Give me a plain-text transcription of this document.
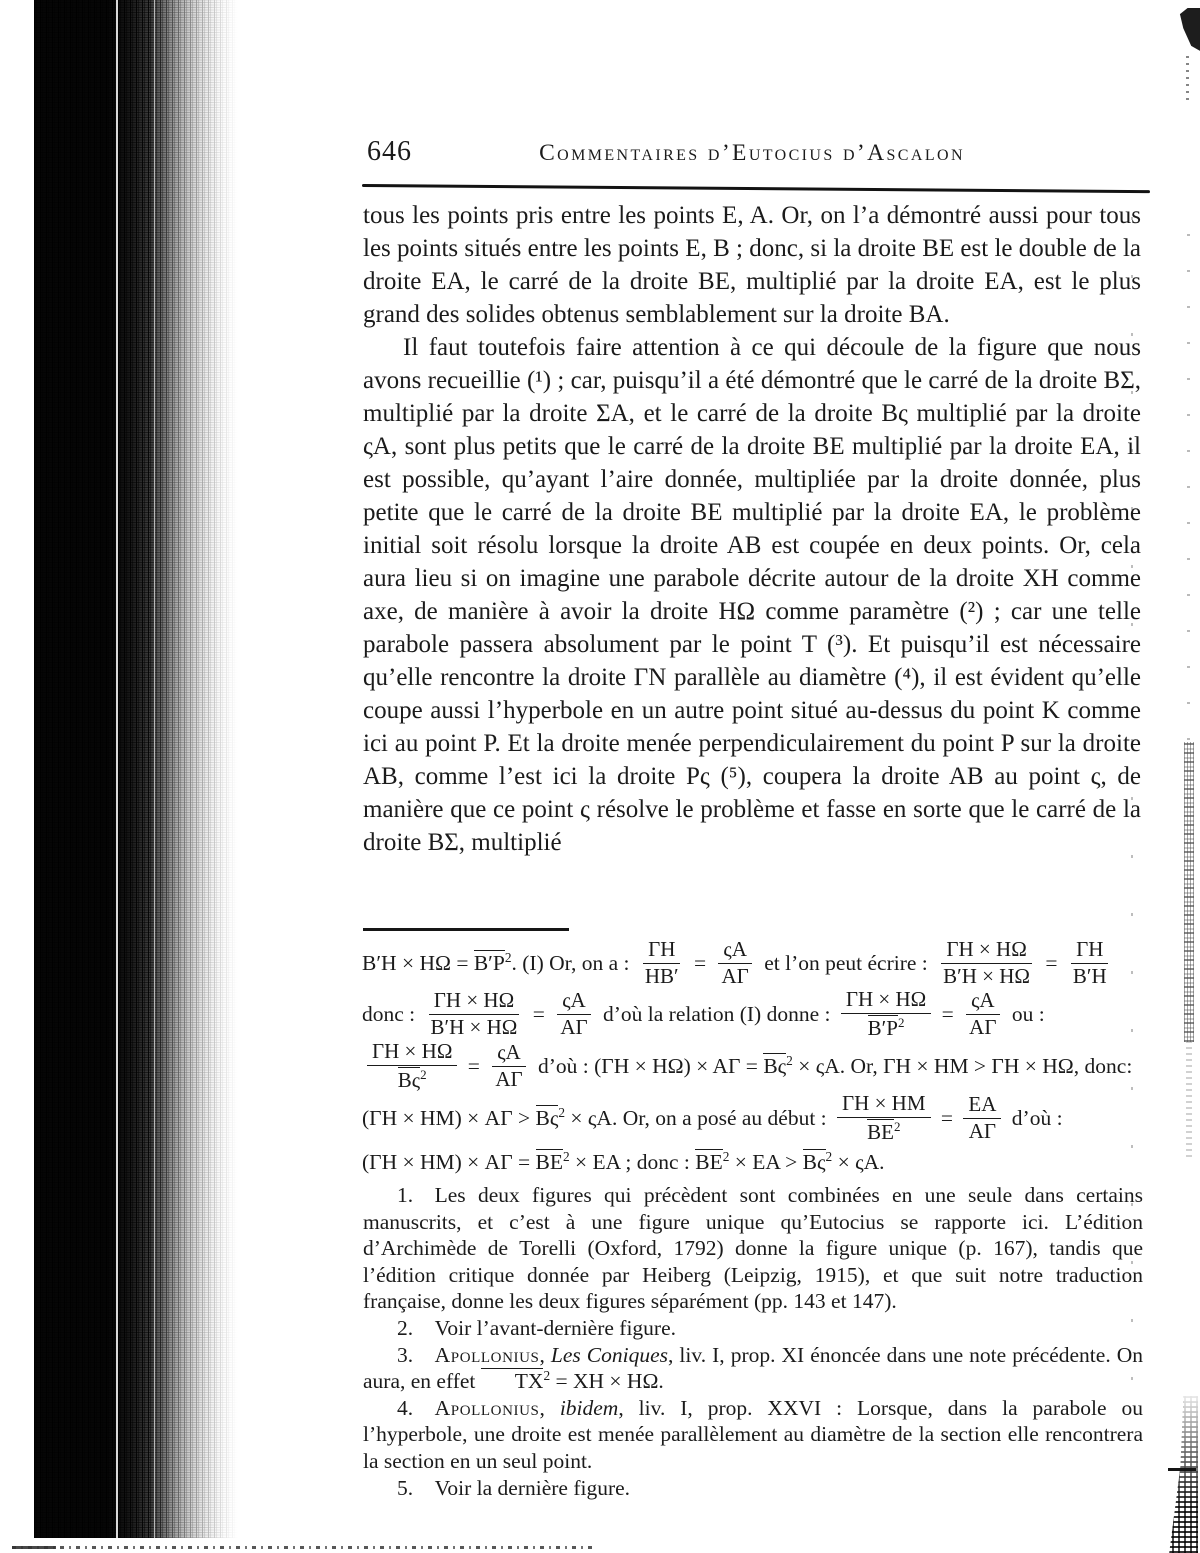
646	Commentaires d’Eutocius d’Ascalon

tous les points pris entre les points E, A. Or, on l’a démontré aussi pour tous les points situés entre les points E, B ; donc, si la droite BE est le double de la droite EA, le carré de la droite BE, multiplié par la droite EA, est le plus grand des solides obtenus semblablement sur la droite BA.

Il faut toutefois faire attention à ce qui découle de la figure que nous avons recueillie (¹) ; car, puisqu’il a été démontré que le carré de la droite BΣ, multiplié par la droite ΣA, et le carré de la droite Bς multiplié par la droite ςA, sont plus petits que le carré de la droite BE multiplié par la droite EA, il est possible, qu’ayant l’aire donnée, multipliée par la droite donnée, plus petite que le carré de la droite BE multiplié par la droite EA, le problème initial soit résolu lorsque la droite AB est coupée en deux points. Or, cela aura lieu si on imagine une parabole décrite autour de la droite XH comme axe, de manière à avoir la droite HΩ comme paramètre (²) ; car une telle parabole passera absolument par le point T (³). Et puisqu’il est nécessaire qu’elle rencontre la droite ΓN parallèle au diamètre (⁴), il est évident qu’elle coupe aussi l’hyperbole en un autre point situé au-dessus du point K comme ici au point P. Et la droite menée perpendiculairement du point P sur la droite AB, comme l’est ici la droite Pς (⁵), coupera la droite AB au point ς, de manière que ce point ς résolve le problème et fasse en sorte que le carré de la droite BΣ, multiplié

$B'H \times H\Omega = B'P^2$ . (I) Or, on a : $\frac{\Gamma H}{HB'} = \frac{\varsigma A}{A\Gamma}$ et l’on peut écrire : $\frac{\Gamma H \times H\Omega}{B'H \times H\Omega} = \frac{\Gamma H}{B'H}$
donc : $\frac{\Gamma H \times H\Omega}{B'H \times H\Omega} = \frac{\varsigma A}{A\Gamma}$ d’où la relation (I) donne : $\frac{\Gamma H \times H\Omega}{B'P^2} = \frac{\varsigma A}{A\Gamma}$ ou :
$\frac{\Gamma H \times H\Omega}{B\varsigma^2} = \frac{\varsigma A}{A\Gamma}$ d’où : $(\Gamma H \times H\Omega) \times A\Gamma = B\varsigma^2 \times \varsigma A$. Or, ΓH × HM > ΓH × HΩ, donc:
$(\Gamma H \times HM) \times A\Gamma > B\varsigma^2 \times \varsigma A$. Or, on a posé au début : $\frac{\Gamma H \times HM}{BE^2} = \frac{EA}{A\Gamma}$ d’où :
$(\Gamma H \times HM) \times A\Gamma = BE^2$ × EA ; donc : $BE^2$ × EA > $B\varsigma^2 \times \varsigma A$.

1.  Les deux figures qui précèdent sont combinées en une seule dans certains manuscrits, et c’est à une figure unique qu’Eutocius se rapporte ici. L’édition d’Archimède de Torelli (Oxford, 1792) donne la figure unique (p. 167), tandis que l’édition critique donnée par Heiberg (Leipzig, 1915), et que suit notre traduction française, donne les deux figures séparément (pp. 143 et 147).

2.  Voir l’avant-dernière figure.

3.  Apollonius, Les Coniques, liv. I, prop. XI énoncée dans une note précédente. On aura, en effet $TX^2$ = XH × HΩ.

4.  Apollonius, ibidem, liv. I, prop. XXVI : Lorsque, dans la parabole ou l’hyperbole, une droite est menée parallèlement au diamètre de la section elle rencontrera la section en un seul point.

5.  Voir la dernière figure.
